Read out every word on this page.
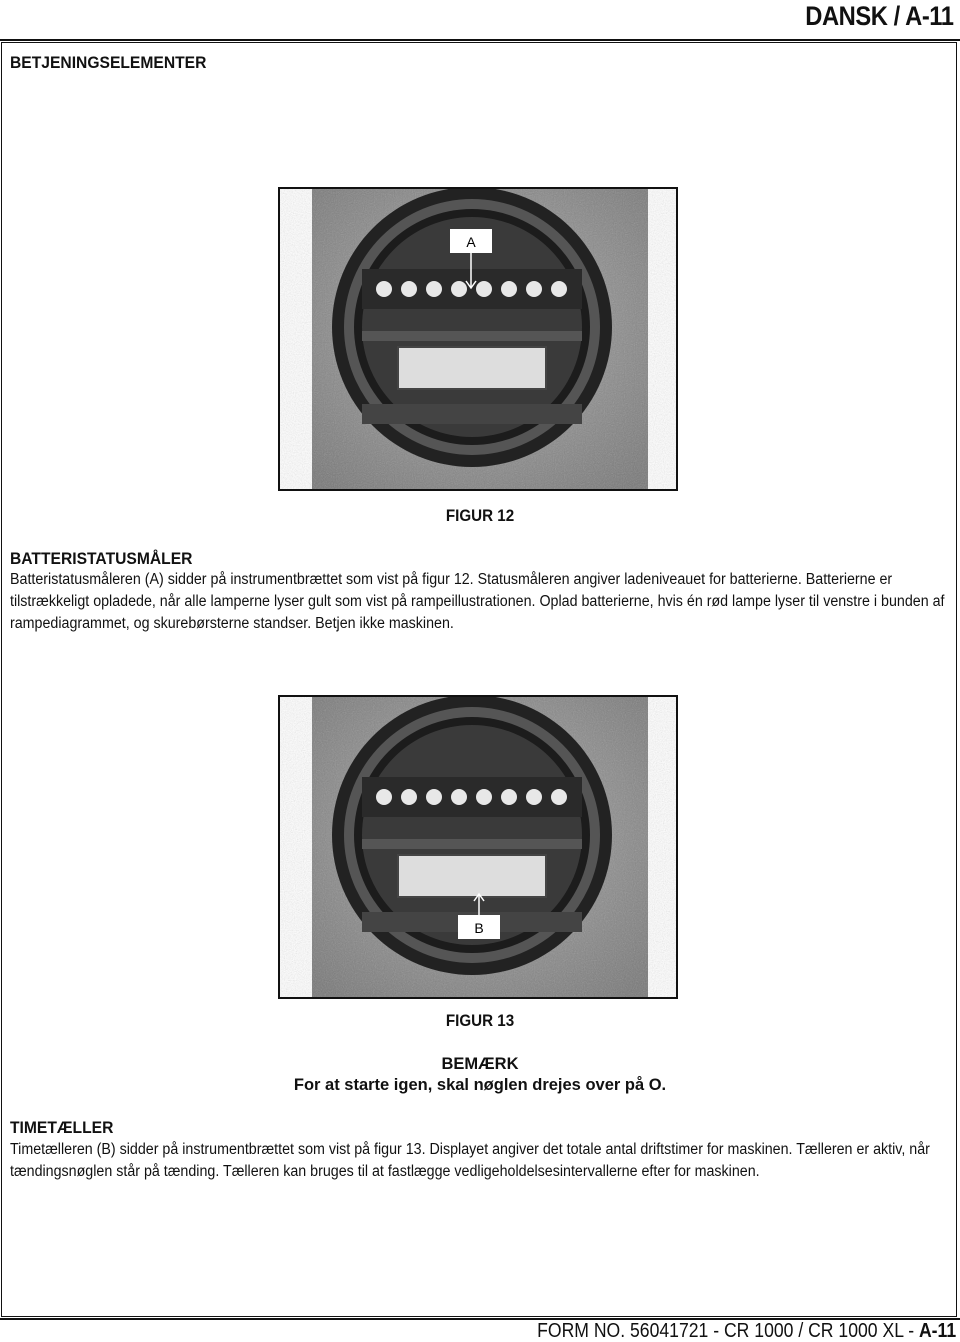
DANSK / A-11
BETJENINGSELEMENTER
A
FIGUR 12
BATTERISTATUSMÅLER
Batteristatusmåleren (A) sidder på instrumentbrættet som vist på figur 12. Statusmåleren angiver ladeniveauet for batterierne. Batterierne er tilstrækkeligt opladede, når alle lamperne lyser gult som vist på rampeillustrationen. Oplad batterierne, hvis én rød lampe lyser til venstre i bunden af rampediagrammet, og skurebørsterne standser. Betjen ikke maskinen.
B
FIGUR 13
BEMÆRK
For at starte igen, skal nøglen drejes over på O.
TIMETÆLLER
Timetælleren (B) sidder på instrumentbrættet som vist på figur 13. Displayet angiver det totale antal driftstimer for maskinen. Tælleren er aktiv, når tændingsnøglen står på tænding. Tælleren kan bruges til at fastlægge vedligeholdelsesintervallerne efter for maskinen.
FORM NO. 56041721 - CR 1000 / CR 1000 XL - A-11
